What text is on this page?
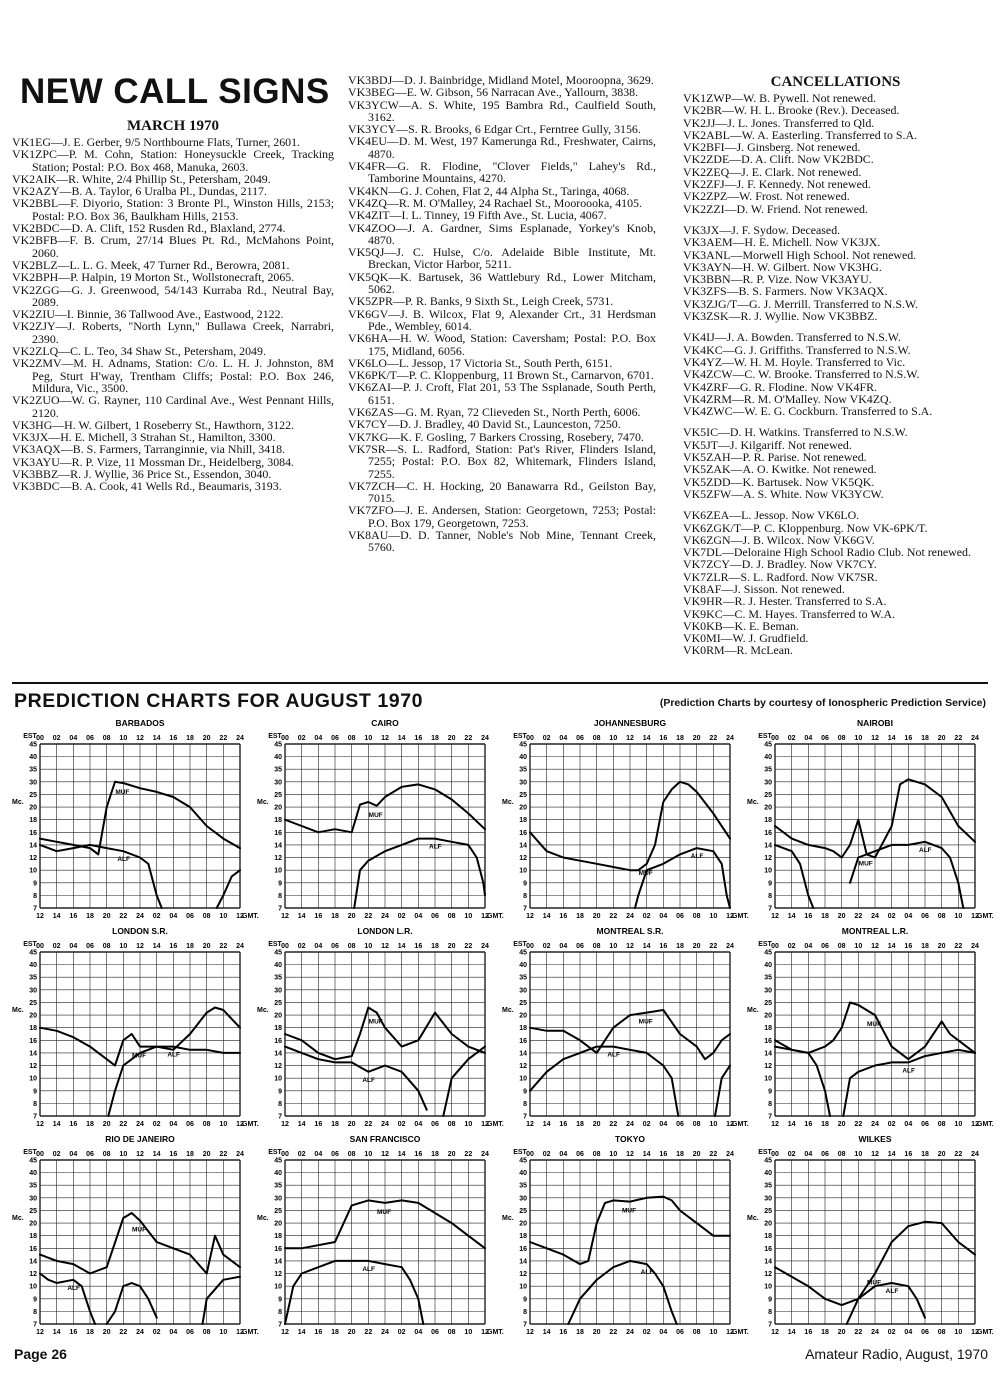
NEW CALL SIGNS
MARCH 1970

VK1EG—J. E. Gerber, 9/5 Northbourne Flats, Turner, 2601.

VK1ZPC—P. M. Cohn, Station: Honeysuckle Creek, Tracking Station; Postal: P.O. Box 468, Manuka, 2603.

VK2AIK—R. White, 2/4 Phillip St., Petersham, 2049.

VK2AZY—B. A. Taylor, 6 Uralba Pl., Dundas, 2117.

VK2BBL—F. Diyorio, Station: 3 Bronte Pl., Winston Hills, 2153; Postal: P.O. Box 36, Baulkham Hills, 2153.

VK2BDC—D. A. Clift, 152 Rusden Rd., Blaxland, 2774.

VK2BFB—F. B. Crum, 27/14 Blues Pt. Rd., McMahons Point, 2060.

VK2BLZ—L. L. G. Meek, 47 Turner Rd., Berowra, 2081.

VK2BPH—P. Halpin, 19 Morton St., Wollstonecraft, 2065.

VK2ZGG—G. J. Greenwood, 54/143 Kurraba Rd., Neutral Bay, 2089.

VK2ZIU—I. Binnie, 36 Tallwood Ave., Eastwood, 2122.

VK2ZJY—J. Roberts, "North Lynn," Bullawa Creek, Narrabri, 2390.

VK2ZLQ—C. L. Teo, 34 Shaw St., Petersham, 2049.

VK2ZMV—M. H. Adnams, Station: C/o. L. H. J. Johnston, 8M Peg, Sturt H'way, Trentham Cliffs; Postal: P.O. Box 246, Mildura, Vic., 3500.

VK2ZUO—W. G. Rayner, 110 Cardinal Ave., West Pennant Hills, 2120.

VK3HG—H. W. Gilbert, 1 Roseberry St., Hawthorn, 3122.

VK3JX—H. E. Michell, 3 Strahan St., Hamilton, 3300.

VK3AQX—B. S. Farmers, Tarranginnie, via Nhill, 3418.

VK3AYU—R. P. Vize, 11 Mossman Dr., Heidelberg, 3084.

VK3BBZ—R. J. Wyllie, 36 Price St., Essendon, 3040.

VK3BDC—B. A. Cook, 41 Wells Rd., Beaumaris, 3193.

VK3BDJ—D. J. Bainbridge, Midland Motel, Mooroopna, 3629.

VK3BEG—E. W. Gibson, 56 Narracan Ave., Yallourn, 3838.

VK3YCW—A. S. White, 195 Bambra Rd., Caulfield South, 3162.

VK3YCY—S. R. Brooks, 6 Edgar Crt., Ferntree Gully, 3156.

VK4EU—D. M. West, 197 Kamerunga Rd., Freshwater, Cairns, 4870.

VK4FR—G. R. Flodine, "Clover Fields," Lahey's Rd., Tamborine Mountains, 4270.

VK4KN—G. J. Cohen, Flat 2, 44 Alpha St., Taringa, 4068.

VK4ZQ—R. M. O'Malley, 24 Rachael St., Mooroooka, 4105.

VK4ZIT—I. L. Tinney, 19 Fifth Ave., St. Lucia, 4067.

VK4ZOO—J. A. Gardner, Sims Esplanade, Yorkey's Knob, 4870.

VK5QJ—J. C. Hulse, C/o. Adelaide Bible Institute, Mt. Breckan, Victor Harbor, 5211.

VK5QK—K. Bartusek, 36 Wattlebury Rd., Lower Mitcham, 5062.

VK5ZPR—P. R. Banks, 9 Sixth St., Leigh Creek, 5731.

VK6GV—J. B. Wilcox, Flat 9, Alexander Crt., 31 Herdsman Pde., Wembley, 6014.

VK6HA—H. W. Wood, Station: Caversham; Postal: P.O. Box 175, Midland, 6056.

VK6LO—L. Jessop, 17 Victoria St., South Perth, 6151.

VK6PK/T—P. C. Kloppenburg, 11 Brown St., Carnarvon, 6701.

VK6ZAI—P. J. Croft, Flat 201, 53 The Ssplanade, South Perth, 6151.

VK6ZAS—G. M. Ryan, 72 Clieveden St., North Perth, 6006.

VK7CY—D. J. Bradley, 40 David St., Launceston, 7250.

VK7KG—K. F. Gosling, 7 Barkers Crossing, Rosebery, 7470.

VK7SR—S. L. Radford, Station: Pat's River, Flinders Island, 7255; Postal: P.O. Box 82, Whitemark, Flinders Island, 7255.

VK7ZCH—C. H. Hocking, 20 Banawarra Rd., Geilston Bay, 7015.

VK7ZFO—J. E. Andersen, Station: Georgetown, 7253; Postal: P.O. Box 179, Georgetown, 7253.

VK8AU—D. D. Tanner, Noble's Nob Mine, Tennant Creek, 5760.

CANCELLATIONS

VK1ZWP—W. B. Pywell. Not renewed.

VK2BR—W. H. L. Brooke (Rev.). Deceased.

VK2JJ—J. L. Jones. Transferred to Qld.

VK2ABL—W. A. Easterling. Transferred to S.A.

VK2BFI—J. Ginsberg. Not renewed.

VK2ZDE—D. A. Clift. Now VK2BDC.

VK2ZEQ—J. E. Clark. Not renewed.

VK2ZFJ—J. F. Kennedy. Not renewed.

VK2ZPZ—W. Frost. Not renewed.

VK2ZZI—D. W. Friend. Not renewed.

VK3JX—J. F. Sydow. Deceased.

VK3AEM—H. E. Michell. Now VK3JX.

VK3ANL—Morwell High School. Not renewed.

VK3AYN—H. W. Gilbert. Now VK3HG.

VK3BBN—R. P. Vize. Now VK3AYU.

VK3ZFS—B. S. Farmers. Now VK3AQX.

VK3ZJG/T—G. J. Merrill. Transferred to N.S.W.

VK3ZSK—R. J. Wyllie. Now VK3BBZ.

VK4IJ—J. A. Bowden. Transferred to N.S.W.

VK4KC—G. J. Griffiths. Transferred to N.S.W.

VK4YZ—W. H. M. Hoyle. Transferred to Vic.

VK4ZCW—C. W. Brooke. Transferred to N.S.W.

VK4ZRF—G. R. Flodine. Now VK4FR.

VK4ZRM—R. M. O'Malley. Now VK4ZQ.

VK4ZWC—W. E. G. Cockburn. Transferred to S.A.

VK5IC—D. H. Watkins. Transferred to N.S.W.

VK5JT—J. Kilgariff. Not renewed.

VK5ZAH—P. R. Parise. Not renewed.

VK5ZAK—A. O. Kwitke. Not renewed.

VK5ZDD—K. Bartusek. Now VK5QK.

VK5ZFW—A. S. White. Now VK3YCW.

VK6ZEA—L. Jessop. Now VK6LO.

VK6ZGK/T—P. C. Kloppenburg. Now VK-6PK/T.

VK6ZGN—J. B. Wilcox. Now VK6GV.

VK7DL—Deloraine High School Radio Club. Not renewed.

VK7ZCY—D. J. Bradley. Now VK7CY.

VK7ZLR—S. L. Radford. Now VK7SR.

VK8AF—J. Sisson. Not renewed.

VK9HR—R. J. Hester. Transferred to S.A.

VK9KC—C. M. Hayes. Transferred to W.A.

VK0KB—K. E. Beman.

VK0MI—W. J. Grudfield.

VK0RM—R. McLean.

PREDICTION CHARTS FOR AUGUST 1970	(Prediction Charts by courtesy of Ionospheric Prediction Service)
BARBADOS
EST.
00 02 04 06 08 10 12 14 16 18 20 22 24
7
8
9
10
12
14
16
18
20
25
30
35
40
45
Mc.
12 14 16 18 20 22 24 02 04 06 08 10 12
GMT.
MUF
ALF
CAIRO
EST.
00 02 04 06 08 10 12 14 16 18 20 22 24
7
8
9
10
12
14
16
18
20
25
30
35
40
45
Mc.
12 14 16 18 20 22 24 02 04 06 08 10 12
GMT.
MUF
ALF
JOHANNESBURG
EST.
00 02 04 06 08 10 12 14 16 18 20 22 24
7
8
9
10
12
14
16
18
20
25
30
35
40
45
Mc.
12 14 16 18 20 22 24 02 04 06 08 10 12
GMT.
MUF
ALF
NAIROBI
EST.
00 02 04 06 08 10 12 14 16 18 20 22 24
7
8
9
10
12
14
16
18
20
25
30
35
40
45
Mc.
12 14 16 18 20 22 24 02 04 06 08 10 12
GMT.
MUF
ALF
LONDON S.R.
EST.
00 02 04 06 08 10 12 14 16 18 20 22 24
7
8
9
10
12
14
16
18
20
25
30
35
40
45
Mc.
12 14 16 18 20 22 24 02 04 06 08 10 12
GMT.
MUF	ALF
LONDON L.R.
EST.
00 02 04 06 08 10 12 14 16 18 20 22 24
7
8
9
10
12
14
16
18
20
25
30
35
40
45
Mc.
12 14 16 18 20 22 24 02 04 06 08 10 12
GMT.
MUF
ALF
MONTREAL S.R.
EST.
00 02 04 06 08 10 12 14 16 18 20 22 24
7
8
9
10
12
14
16
18
20
25
30
35
40
45
Mc.
12 14 16 18 20 22 24 02 04 06 08 10 12
GMT.
MUF
ALF
MONTREAL L.R.
EST.
00 02 04 06 08 10 12 14 16 18 20 22 24
7
8
9
10
12
14
16
18
20
25
30
35
40
45
Mc.
12 14 16 18 20 22 24 02 04 06 08 10 12
GMT.
MUF
ALF
RIO DE JANEIRO
EST.
00 02 04 06 08 10 12 14 16 18 20 22 24
7
8
9
10
12
14
16
18
20
25
30
35
40
45
Mc.
12 14 16 18 20 22 24 02 04 06 08 10 12
GMT.
MUF
ALF
SAN FRANCISCO
EST.
00 02 04 06 08 10 12 14 16 18 20 22 24
7
8
9
10
12
14
16
18
20
25
30
35
40
45
Mc.
12 14 16 18 20 22 24 02 04 06 08 10 12
GMT.
MUF
ALF
TOKYO
EST.
00 02 04 06 08 10 12 14 16 18 20 22 24
7
8
9
10
12
14
16
18
20
25
30
35
40
45
Mc.
12 14 16 18 20 22 24 02 04 06 08 10 12
GMT.
MUF
ALF
WILKES
EST.
00 02 04 06 08 10 12 14 16 18 20 22 24
7
8
9
10
12
14
16
18
20
25
30
35
40
45
Mc.
12 14 16 18 20 22 24 02 04 06 08 10 12
GMT.
MUF
ALF
Page 26	Amateur Radio, August, 1970
